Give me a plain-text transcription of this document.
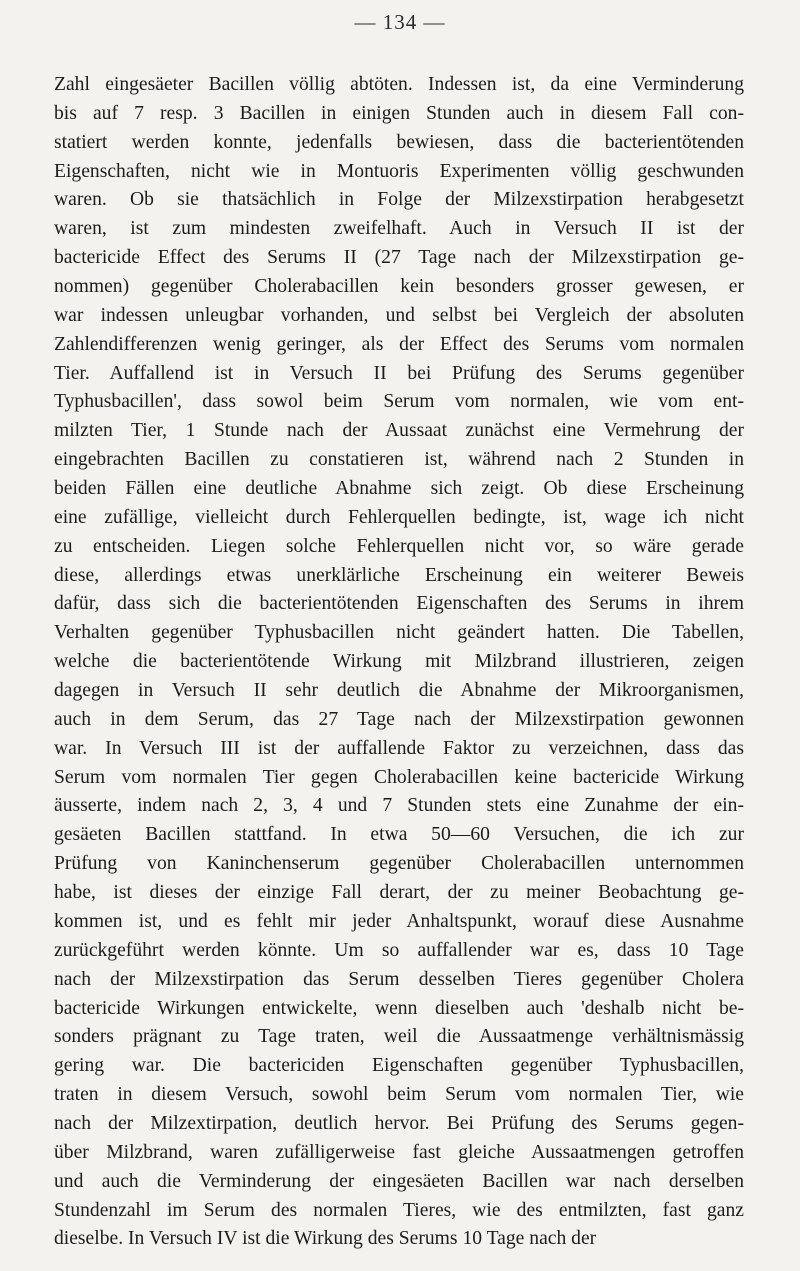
— 134 —
Zahl eingesäeter Bacillen völlig abtöten. Indessen ist, da eine Verminderung
bis auf 7 resp. 3 Bacillen in einigen Stunden auch in diesem Fall con-
statiert werden konnte, jedenfalls bewiesen, dass die bacterientötenden
Eigenschaften, nicht wie in Montuoris Experimenten völlig geschwunden
waren. Ob sie thatsächlich in Folge der Milzexstirpation herabgesetzt
waren, ist zum mindesten zweifelhaft. Auch in Versuch II ist der
bactericide Effect des Serums II (27 Tage nach der Milzexstirpation ge-
nommen) gegenüber Cholerabacillen kein besonders grosser gewesen, er
war indessen unleugbar vorhanden, und selbst bei Vergleich der absoluten
Zahlendifferenzen wenig geringer, als der Effect des Serums vom normalen
Tier. Auffallend ist in Versuch II bei Prüfung des Serums gegenüber
Typhusbacillen', dass sowol beim Serum vom normalen, wie vom ent-
milzten Tier, 1 Stunde nach der Aussaat zunächst eine Vermehrung der
eingebrachten Bacillen zu constatieren ist, während nach 2 Stunden in
beiden Fällen eine deutliche Abnahme sich zeigt. Ob diese Erscheinung
eine zufällige, vielleicht durch Fehlerquellen bedingte, ist, wage ich nicht
zu entscheiden. Liegen solche Fehlerquellen nicht vor, so wäre gerade
diese, allerdings etwas unerklärliche Erscheinung ein weiterer Beweis
dafür, dass sich die bacterientötenden Eigenschaften des Serums in ihrem
Verhalten gegenüber Typhusbacillen nicht geändert hatten. Die Tabellen,
welche die bacterientötende Wirkung mit Milzbrand illustrieren, zeigen
dagegen in Versuch II sehr deutlich die Abnahme der Mikroorganismen,
auch in dem Serum, das 27 Tage nach der Milzexstirpation gewonnen
war. In Versuch III ist der auffallende Faktor zu verzeichnen, dass das
Serum vom normalen Tier gegen Cholerabacillen keine bactericide Wirkung
äusserte, indem nach 2, 3, 4 und 7 Stunden stets eine Zunahme der ein-
gesäeten Bacillen stattfand. In etwa 50—60 Versuchen, die ich zur
Prüfung von Kaninchenserum gegenüber Cholerabacillen unternommen
habe, ist dieses der einzige Fall derart, der zu meiner Beobachtung ge-
kommen ist, und es fehlt mir jeder Anhaltspunkt, worauf diese Ausnahme
zurückgeführt werden könnte. Um so auffallender war es, dass 10 Tage
nach der Milzexstirpation das Serum desselben Tieres gegenüber Cholera
bactericide Wirkungen entwickelte, wenn dieselben auch 'deshalb nicht be-
sonders prägnant zu Tage traten, weil die Aussaatmenge verhältnismässig
gering war. Die bactericiden Eigenschaften gegenüber Typhusbacillen,
traten in diesem Versuch, sowohl beim Serum vom normalen Tier, wie
nach der Milzextirpation, deutlich hervor. Bei Prüfung des Serums gegen-
über Milzbrand, waren zufälligerweise fast gleiche Aussaatmengen getroffen
und auch die Verminderung der eingesäeten Bacillen war nach derselben
Stundenzahl im Serum des normalen Tieres, wie des entmilzten, fast ganz
dieselbe. In Versuch IV ist die Wirkung des Serums 10 Tage nach der
